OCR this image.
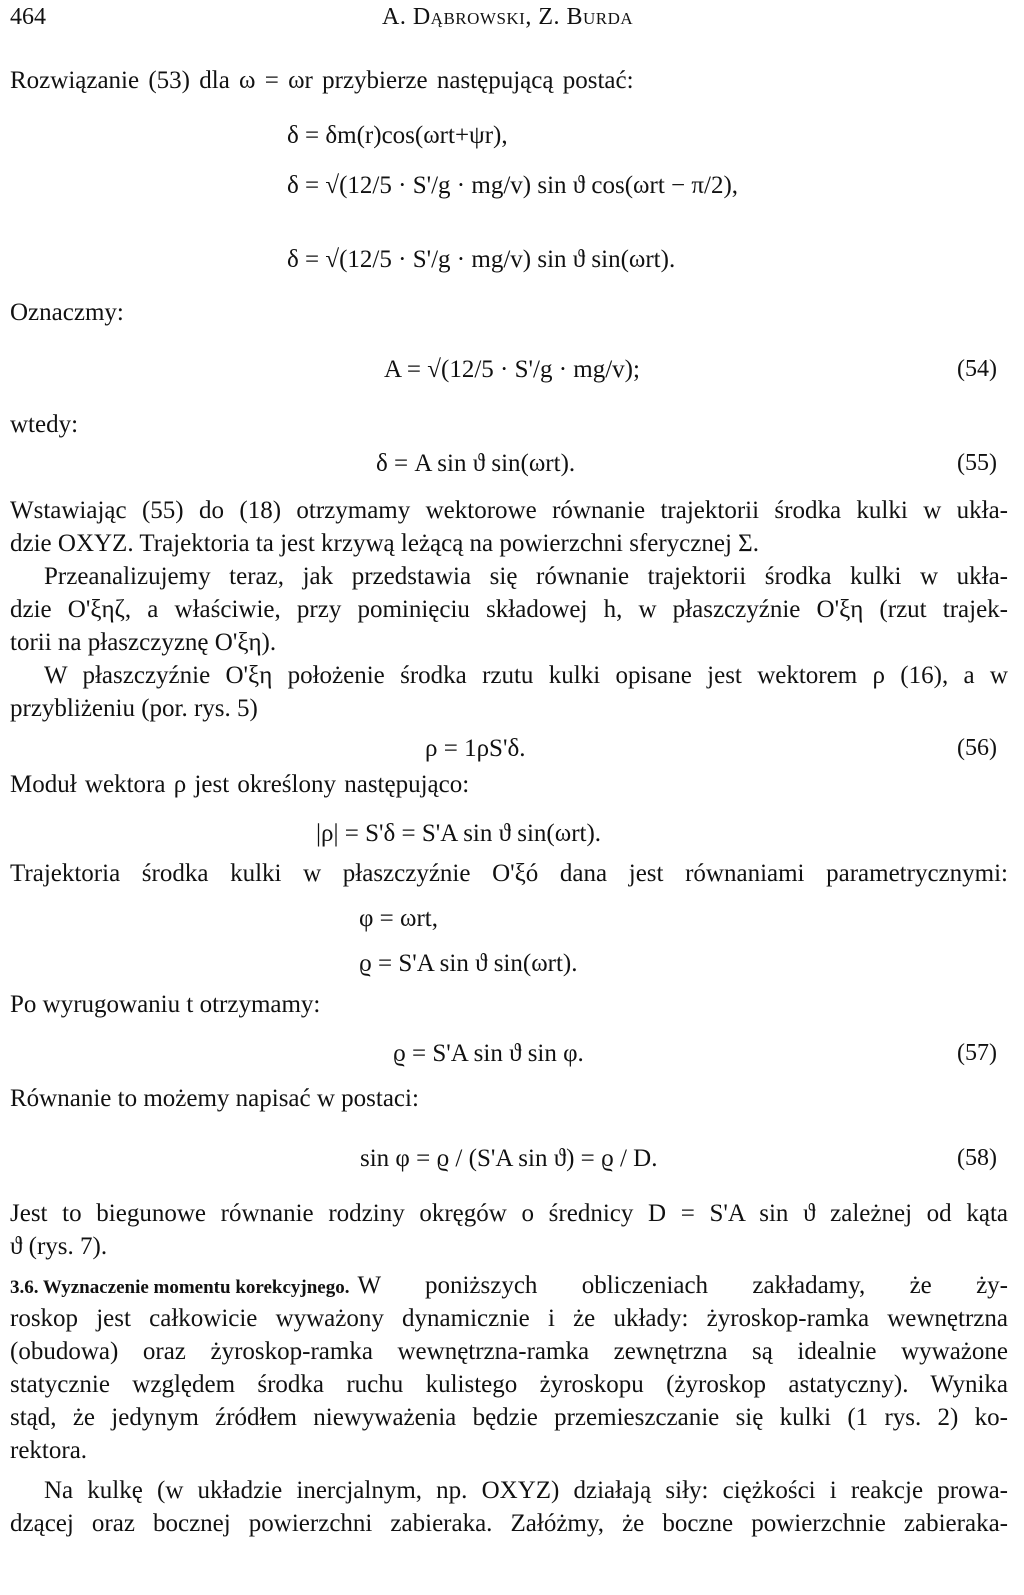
464	A. Dąbrowski, Z. Burda
Rozwiązanie (53) dla ω = ωr przybierze następującą postać:
δ = δm(r)cos(ωrt+ψr),
δ = √(12/5 · S'/g · mg/v) sin ϑ cos(ωrt − π/2),
δ = √(12/5 · S'/g · mg/v) sin ϑ sin(ωrt).
Oznaczmy:
A = √(12/5 · S'/g · mg/v);	(54)
wtedy:
δ = A sin ϑ sin(ωrt).	(55)
Wstawiając (55) do (18) otrzymamy wektorowe równanie trajektorii środka kulki w ukła-
dzie OXYZ. Trajektoria ta jest krzywą leżącą na powierzchni sferycznej Σ.
Przeanalizujemy teraz, jak przedstawia się równanie trajektorii środka kulki w ukła-
dzie O'ξηζ, a właściwie, przy pominięciu składowej h, w płaszczyźnie O'ξη (rzut trajek-
torii na płaszczyznę O'ξη).
W płaszczyźnie O'ξη położenie środka rzutu kulki opisane jest wektorem ρ (16), a w
przybliżeniu (por. rys. 5)
ρ = 1ρS'δ.	(56)
Moduł wektora ρ jest określony następująco:
|ρ| = S'δ = S'A sin ϑ sin(ωrt).
Trajektoria środka kulki w płaszczyźnie O'ξó dana jest równaniami parametrycznymi:
φ = ωrt,
ϱ = S'A sin ϑ sin(ωrt).
Po wyrugowaniu t otrzymamy:
ϱ = S'A sin ϑ sin φ.	(57)
Równanie to możemy napisać w postaci:
sin φ = ϱ / (S'A sin ϑ) = ϱ / D.	(58)
Jest to biegunowe równanie rodziny okręgów o średnicy D = S'A sin ϑ zależnej od kąta
ϑ (rys. 7).
3.6. Wyznaczenie momentu korekcyjnego. W poniższych obliczeniach zakładamy, że ży-
roskop jest całkowicie wyważony dynamicznie i że układy: żyroskop-ramka wewnętrzna
(obudowa) oraz żyroskop-ramka wewnętrzna-ramka zewnętrzna są idealnie wyważone
statycznie względem środka ruchu kulistego żyroskopu (żyroskop astatyczny). Wynika
stąd, że jedynym źródłem niewyważenia będzie przemieszczanie się kulki (1 rys. 2) ko-
rektora.
Na kulkę (w układzie inercjalnym, np. OXYZ) działają siły: ciężkości i reakcje prowa-
dzącej oraz bocznej powierzchni zabieraka. Załóżmy, że boczne powierzchnie zabieraka-
